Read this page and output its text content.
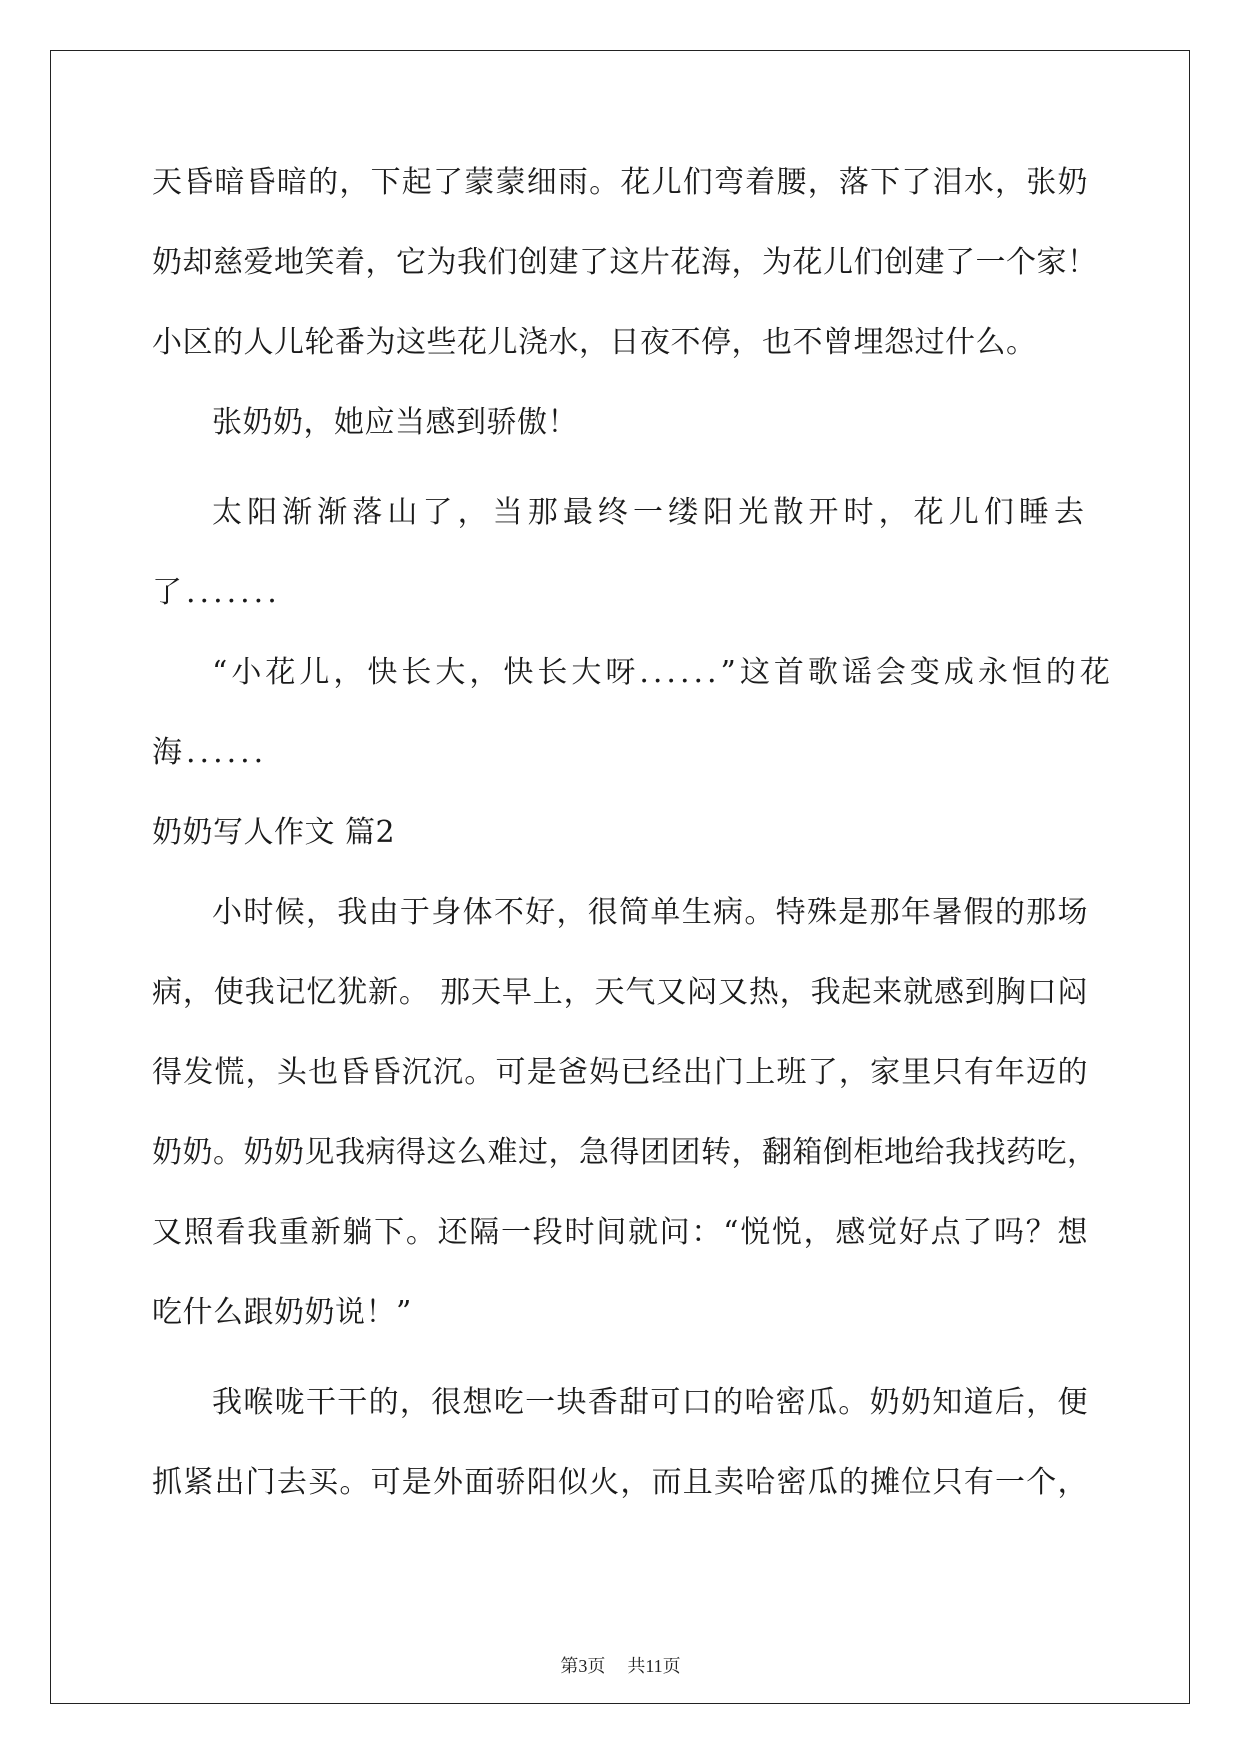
天昏暗昏暗的，下起了蒙蒙细雨。花儿们弯着腰，落下了泪水，张奶
奶却慈爱地笑着，它为我们创建了这片花海，为花儿们创建了一个家！
小区的人儿轮番为这些花儿浇水，日夜不停，也不曾埋怨过什么。
张奶奶，她应当感到骄傲！
太阳渐渐落山了，当那最终一缕阳光散开时，花儿们睡去
了.......
“小花儿，快长大，快长大呀......”这首歌谣会变成永恒的花
海......
奶奶写人作文 篇2
小时候，我由于身体不好，很简单生病。特殊是那年暑假的那场
病，使我记忆犹新。 那天早上，天气又闷又热，我起来就感到胸口闷
得发慌，头也昏昏沉沉。可是爸妈已经出门上班了，家里只有年迈的
奶奶。奶奶见我病得这么难过，急得团团转，翻箱倒柜地给我找药吃，
又照看我重新躺下。还隔一段时间就问：“悦悦，感觉好点了吗？想
吃什么跟奶奶说！”
我喉咙干干的，很想吃一块香甜可口的哈密瓜。奶奶知道后，便
抓紧出门去买。可是外面骄阳似火，而且卖哈密瓜的摊位只有一个，
第3页 共11页
